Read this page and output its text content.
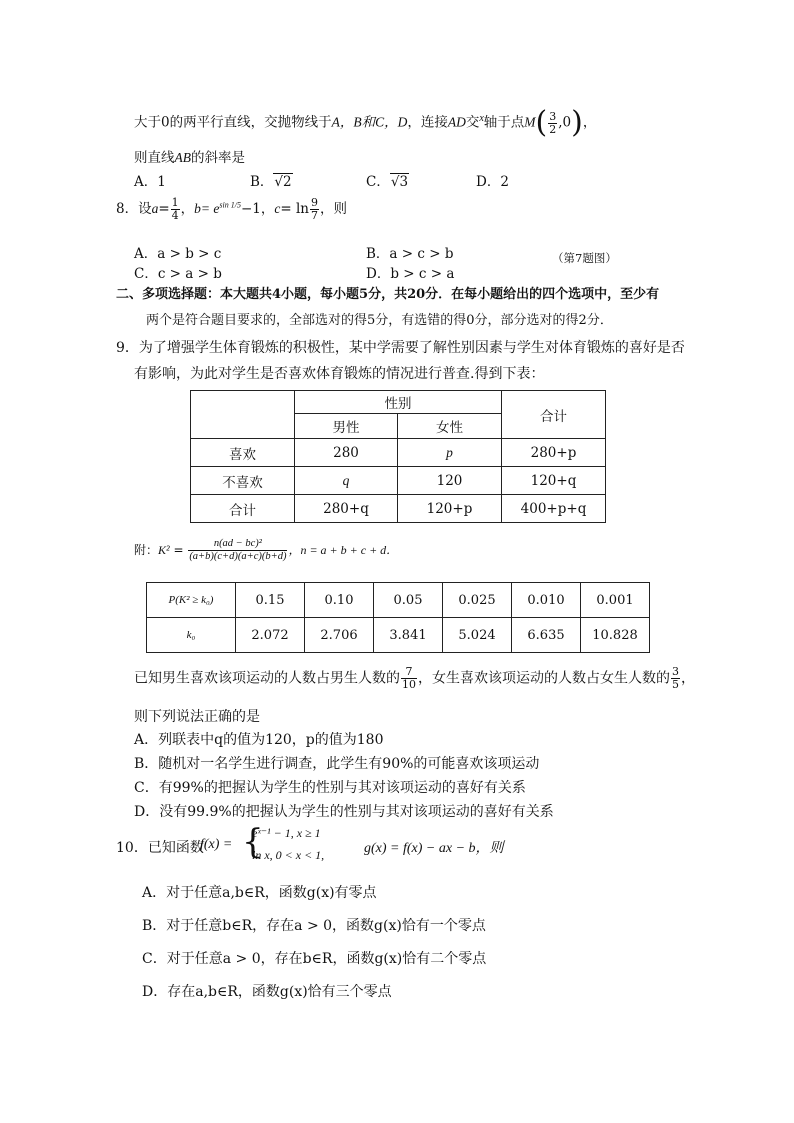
大于0的两平行直线，交抛物线于A，B和C，D，连接AD交$^x$轴于点$M( \frac{3}{2} ,0)$，
则直线AB的斜率是
A．1	B．√2	C．√3	D．2
8．设$a= \frac{1}{4}$ ，$b= e^{sin 1/5}-1$，$c= \ln \frac{9}{7}$ ，则
A．a > b > c	B．a > c > b	（第7题图）
C．c > a > b	D．b > c > a
二、多项选择题：本大题共4小题，每小题5分，共20分．在每小题给出的四个选项中，至少有
两个是符合题目要求的，全部选对的得5分，有选错的得0分，部分选对的得2分．
9．为了增强学生体育锻炼的积极性，某中学需要了解性别因素与学生对体育锻炼的喜好是否
有影响，为此对学生是否喜欢体育锻炼的情况进行普查.得到下表：
	性别		合计
	男性	女性	
喜欢	280	p	280+p
不喜欢	q	120	120+q
合计	280+q	120+p	400+p+q
附：$K^2 = \frac{\text{n(ad − bc)²}}{(a+b)(c+d)(a+c)(b+d)}$ ，n = a + b + c + d．
P(K² ≥ k₀)	0.15	0.10	0.05	0.025	0.010	0.001
k₀	2.072	2.706	3.841	5.024	6.635	10.828
已知男生喜欢该项运动的人数占男生人数的 $\frac{7}{10}$ ，女生喜欢该项运动的人数占女生人数的 $\frac{3}{5}$ ，
则下列说法正确的是
A．列联表中q的值为120，p的值为180
B．随机对一名学生进行调查，此学生有90%的可能喜欢该项运动
C．有99%的把握认为学生的性别与其对该项运动的喜好有关系
D．没有99.9%的把握认为学生的性别与其对该项运动的喜好有关系
10．已知函数
f(x) = {
eˣ⁻¹ − 1, x ≥ 1
ln x, 0 < x < 1,	g(x) = f(x) − ax − b，则
A．对于任意a,b∈R，函数g(x)有零点
B．对于任意b∈R，存在a > 0，函数g(x)恰有一个零点
C．对于任意a > 0，存在b∈R，函数g(x)恰有二个零点
D．存在a,b∈R，函数g(x)恰有三个零点
